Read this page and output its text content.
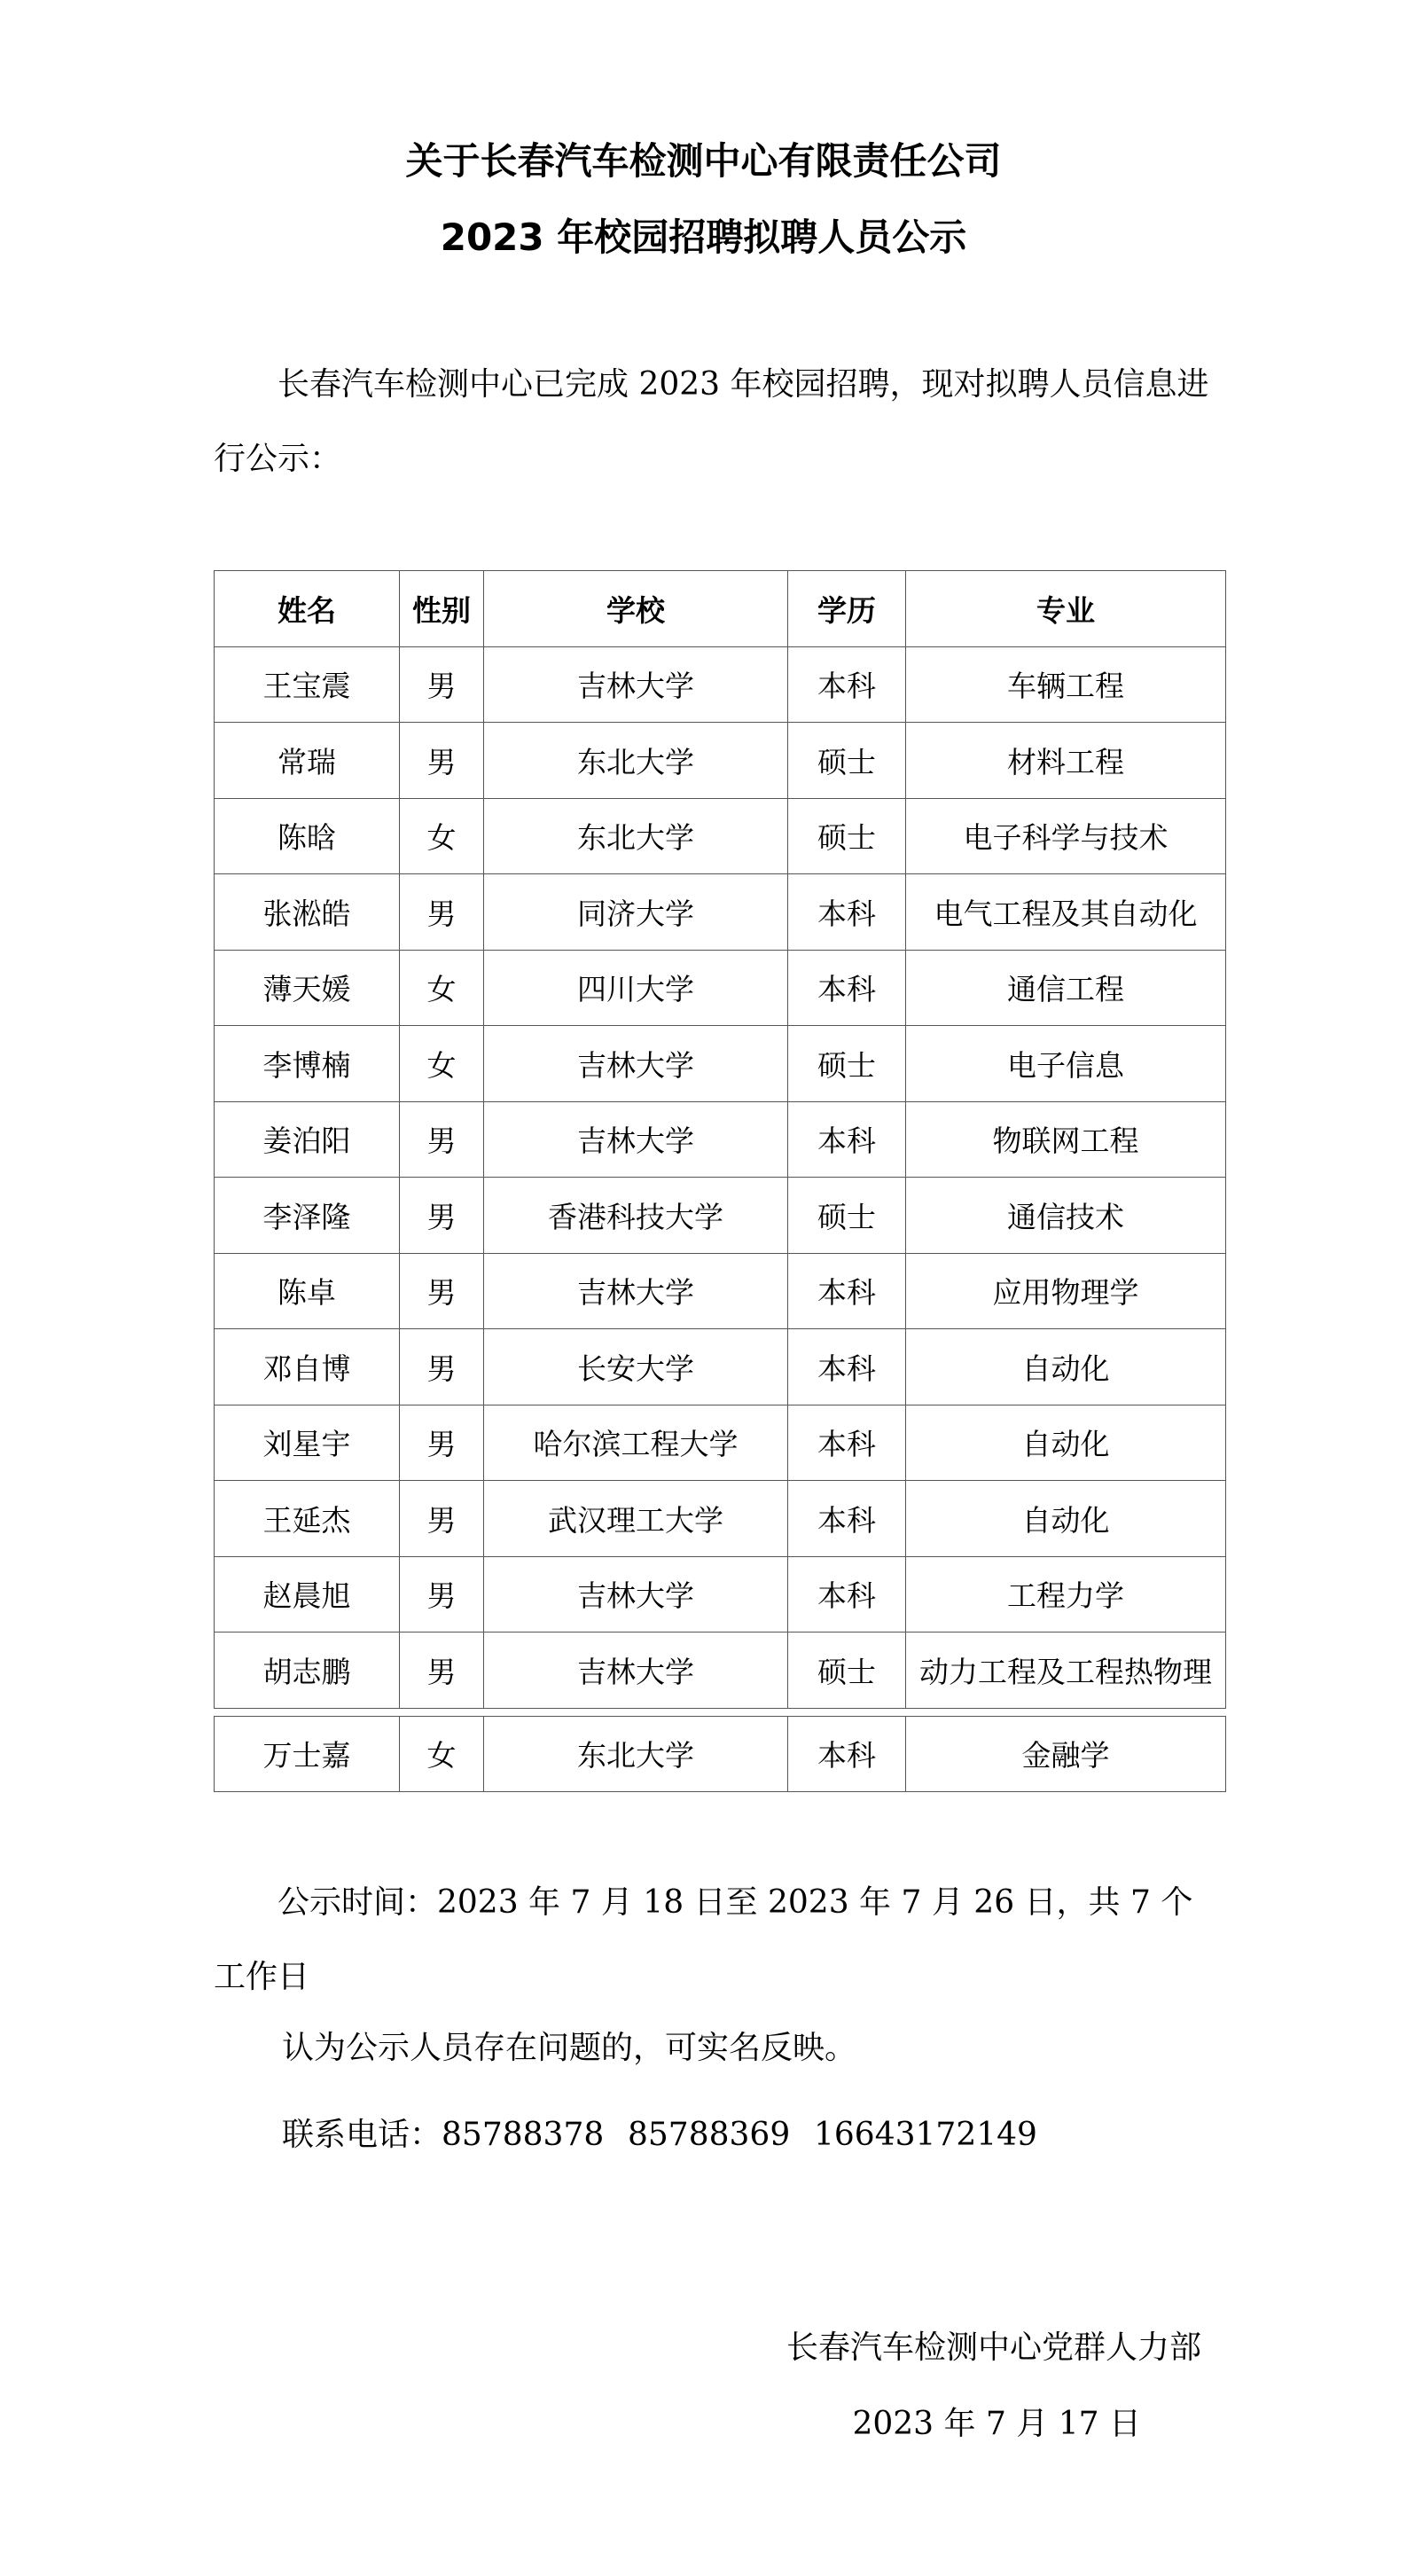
关于长春汽车检测中心有限责任公司
2023 年校园招聘拟聘人员公示

长春汽车检测中心已完成 2023 年校园招聘，现对拟聘人员信息进行公示：

姓名	性别	学校	学历	专业
王宝震	男	吉林大学	本科	车辆工程
常瑞	男	东北大学	硕士	材料工程
陈晗	女	东北大学	硕士	电子科学与技术
张淞皓	男	同济大学	本科	电气工程及其自动化
薄天媛	女	四川大学	本科	通信工程
李博楠	女	吉林大学	硕士	电子信息
姜泊阳	男	吉林大学	本科	物联网工程
李泽隆	男	香港科技大学	硕士	通信技术
陈卓	男	吉林大学	本科	应用物理学
邓自博	男	长安大学	本科	自动化
刘星宇	男	哈尔滨工程大学	本科	自动化
王延杰	男	武汉理工大学	本科	自动化
赵晨旭	男	吉林大学	本科	工程力学
胡志鹏	男	吉林大学	硕士	动力工程及工程热物理
万士嘉	女	东北大学	本科	金融学

公示时间：2023 年 7 月 18 日至 2023 年 7 月 26 日，共 7 个工作日

认为公示人员存在问题的，可实名反映。
联系电话：85788378 85788369 16643172149
长春汽车检测中心党群人力部
2023 年 7 月 17 日
